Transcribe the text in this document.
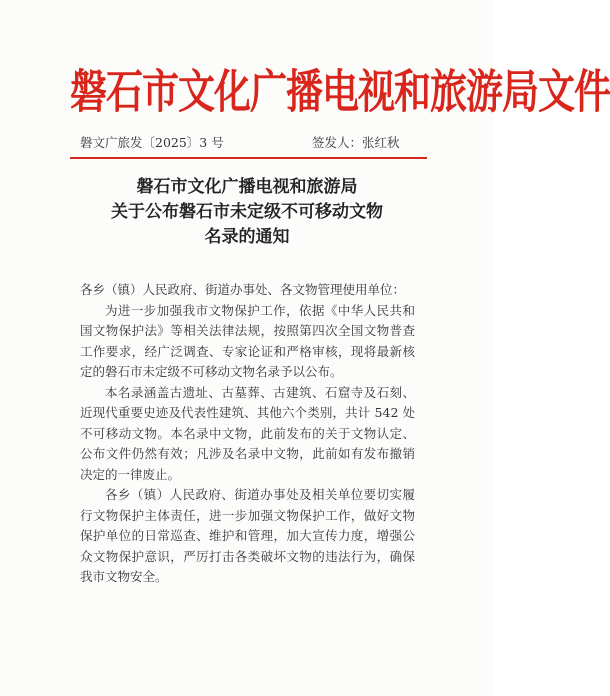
磐石市文化广播电视和旅游局文件
磐文广旅发〔2025〕3 号	签发人：张红秋
磐石市文化广播电视和旅游局
关于公布磐石市未定级不可移动文物
名录的通知

各乡（镇）人民政府、街道办事处、各文物管理使用单位：

为进一步加强我市文物保护工作，依据《中华人民共和国文物保护法》等相关法律法规，按照第四次全国文物普查工作要求，经广泛调查、专家论证和严格审核，现将最新核定的磐石市未定级不可移动文物名录予以公布。

本名录涵盖古遗址、古墓葬、古建筑、石窟寺及石刻、近现代重要史迹及代表性建筑、其他六个类别，共计 542 处不可移动文物。本名录中文物，此前发布的关于文物认定、公布文件仍然有效；凡涉及名录中文物，此前如有发布撤销决定的一律废止。

各乡（镇）人民政府、街道办事处及相关单位要切实履行文物保护主体责任，进一步加强文物保护工作，做好文物保护单位的日常巡查、维护和管理，加大宣传力度，增强公众文物保护意识，严厉打击各类破坏文物的违法行为，确保我市文物安全。
